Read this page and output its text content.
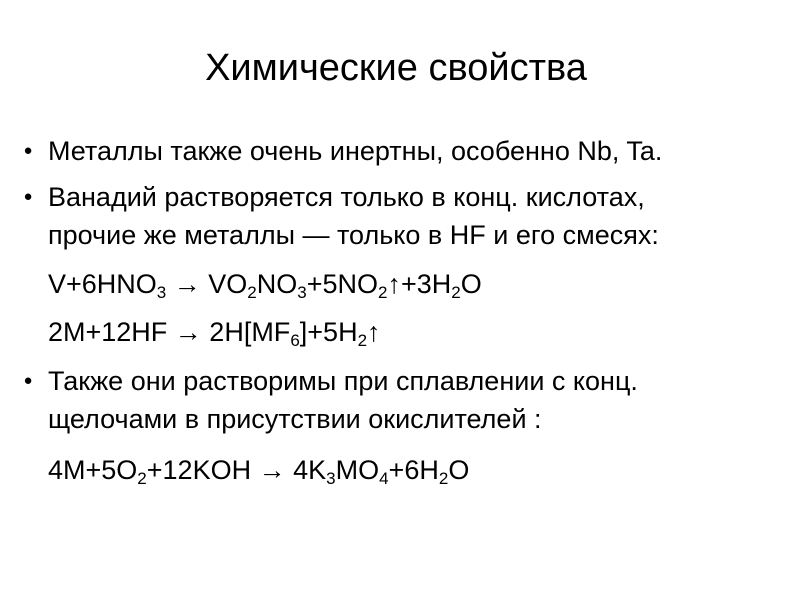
Химические свойства
● Металлы также очень инертны, особенно Nb, Ta.
● Ванадий растворяется только в конц. кислотах,
прочие же металлы — только в HF и его смесях:
$V+6HNO_3$ → $VO_2NO_3+5NO_2↑+3H_2O$
$2M+12HF \to 2H[MF_6]+5H_2↑$
● Также они растворимы при сплавлении с конц.
щелочами в присутствии окислителей :
$4M+5O_2+12KOH \to 4K_3MO_4+6H_2O$
